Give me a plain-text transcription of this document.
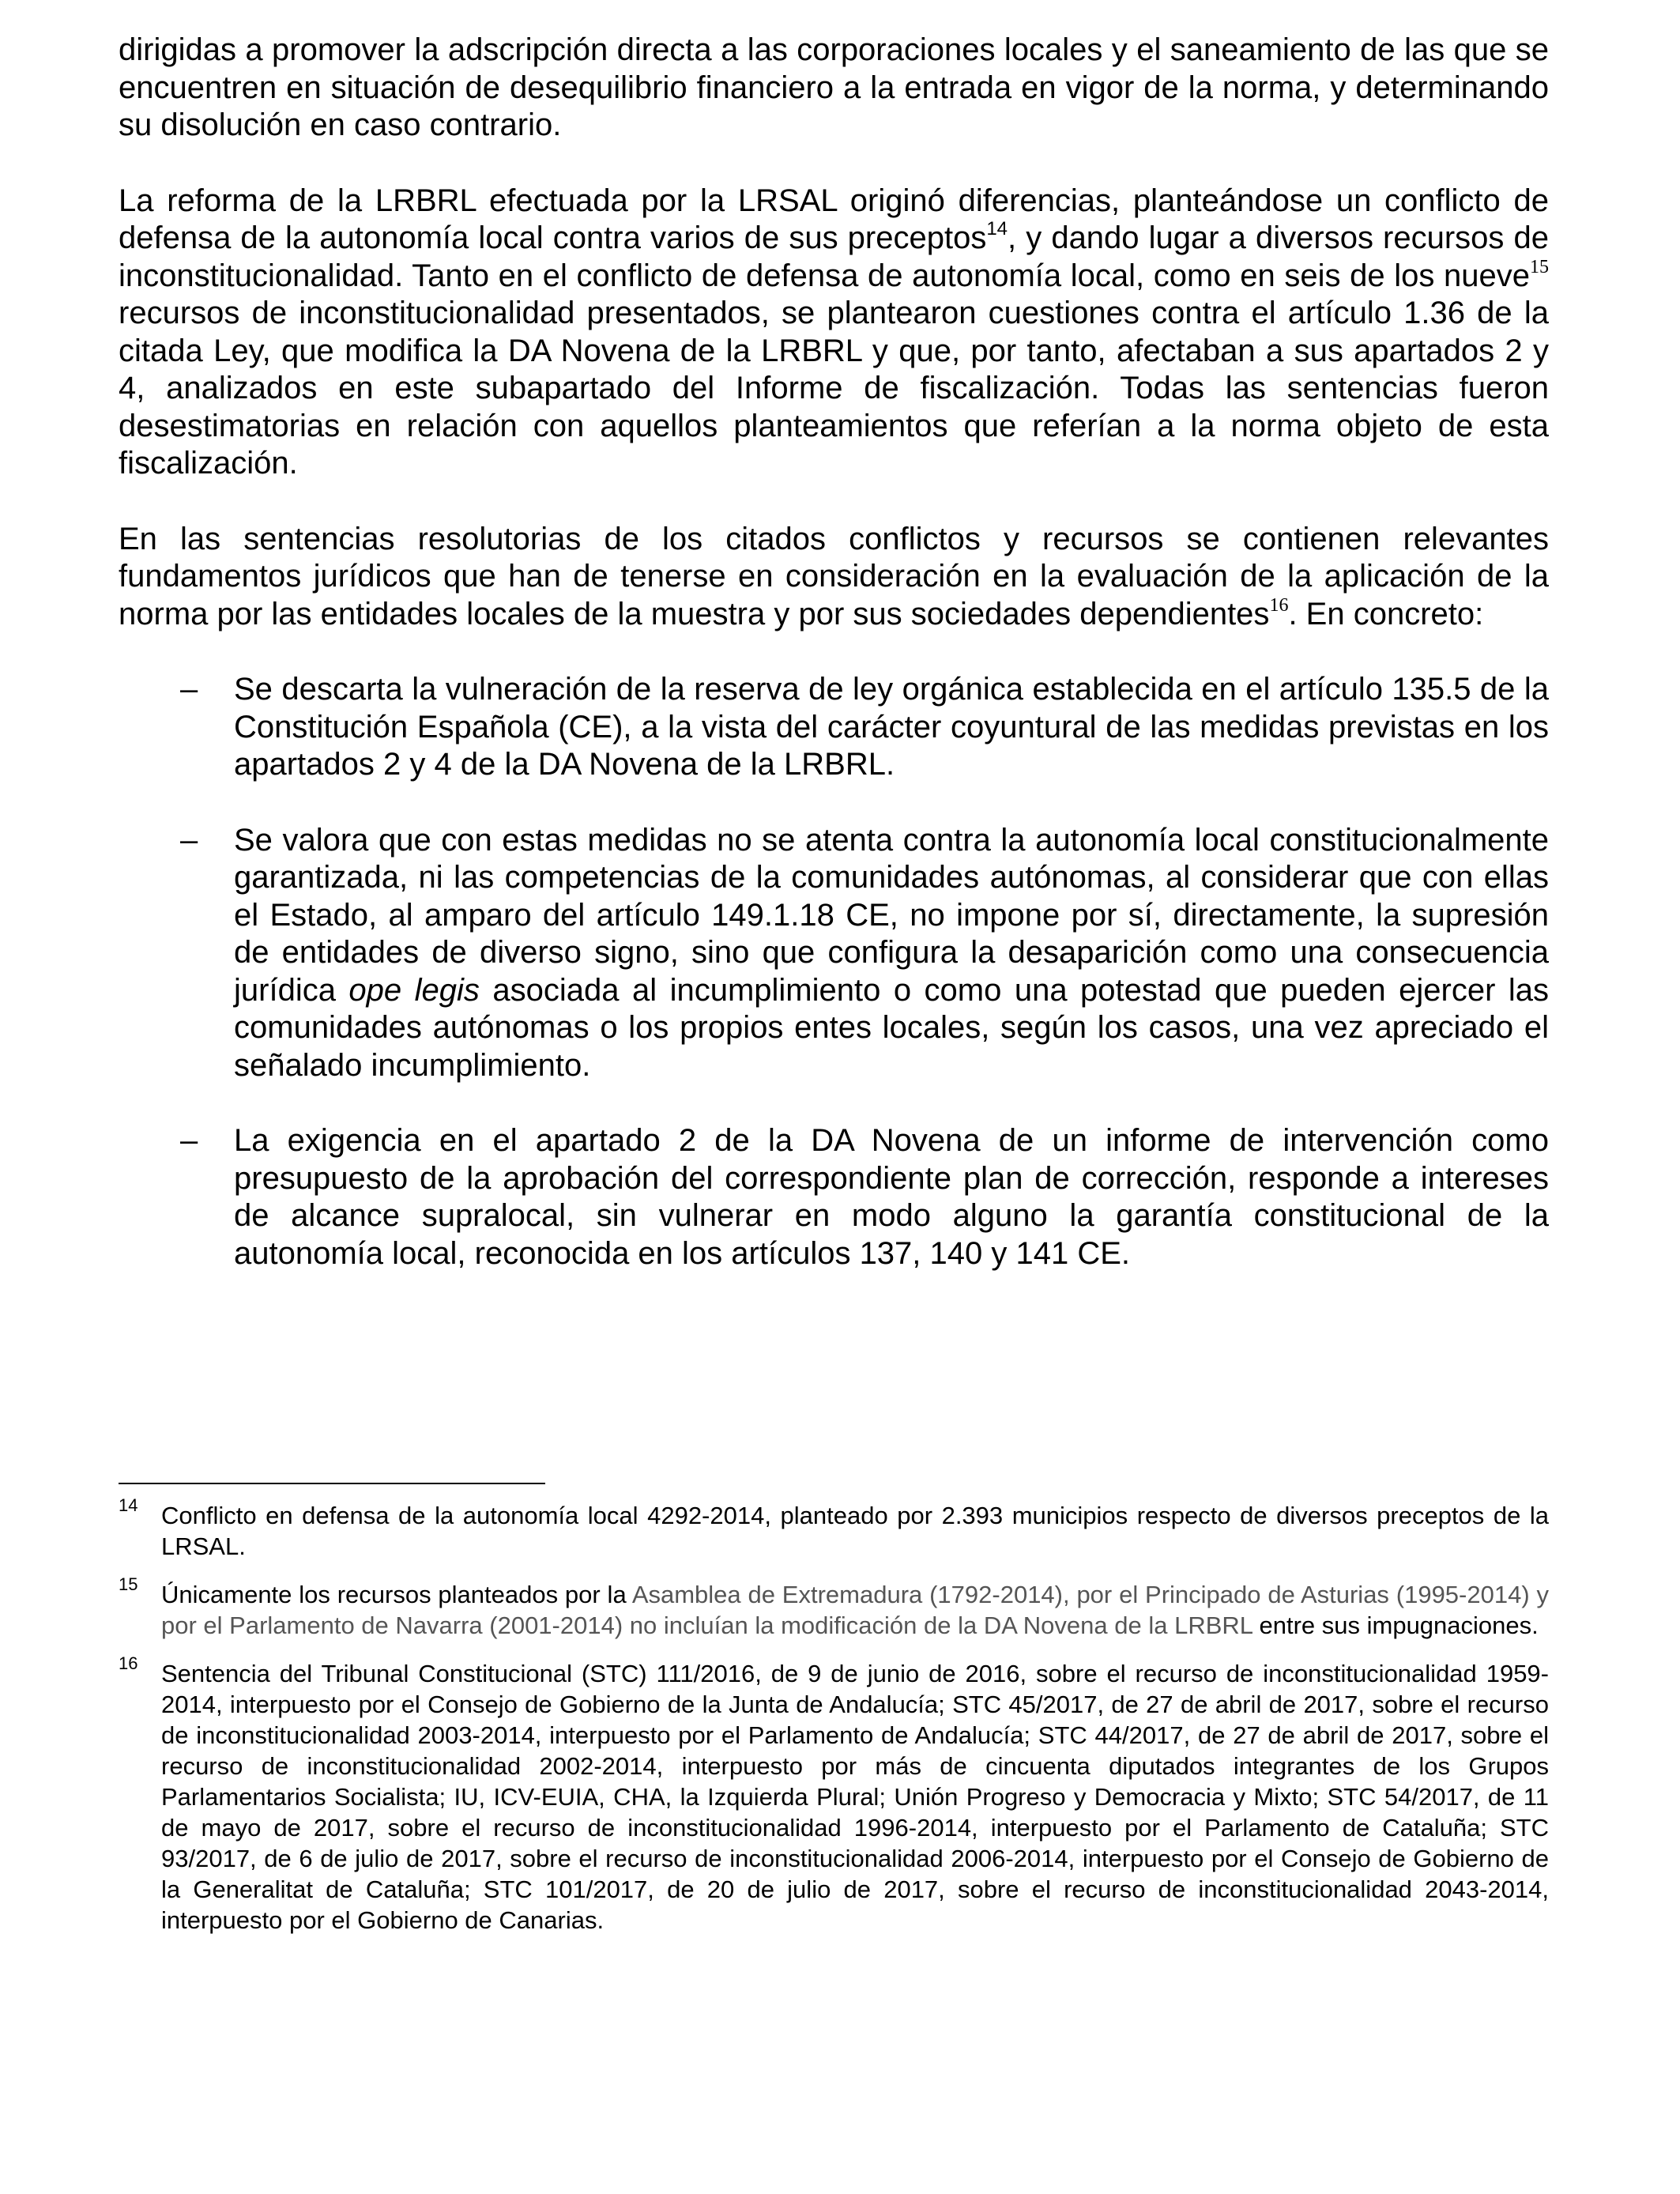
dirigidas a promover la adscripción directa a las corporaciones locales y el saneamiento de las que se encuentren en situación de desequilibrio financiero a la entrada en vigor de la norma, y determinando su disolución en caso contrario.

La reforma de la LRBRL efectuada por la LRSAL originó diferencias, planteándose un conflicto de defensa de la autonomía local contra varios de sus preceptos$^{14}$, y dando lugar a diversos recursos de inconstitucionalidad. Tanto en el conflicto de defensa de autonomía local, como en seis de los nueve$^{15}$ recursos de inconstitucionalidad presentados, se plantearon cuestiones contra el artículo 1.36 de la citada Ley, que modifica la DA Novena de la LRBRL y que, por tanto, afectaban a sus apartados 2 y 4, analizados en este subapartado del Informe de fiscalización. Todas las sentencias fueron desestimatorias en relación con aquellos planteamientos que referían a la norma objeto de esta fiscalización.

En las sentencias resolutorias de los citados conflictos y recursos se contienen relevantes fundamentos jurídicos que han de tenerse en consideración en la evaluación de la aplicación de la norma por las entidades locales de la muestra y por sus sociedades dependientes$^{16}$. En concreto:

– Se descarta la vulneración de la reserva de ley orgánica establecida en el artículo 135.5 de la Constitución Española (CE), a la vista del carácter coyuntural de las medidas previstas en los apartados 2 y 4 de la DA Novena de la LRBRL.

– Se valora que con estas medidas no se atenta contra la autonomía local constitucionalmente garantizada, ni las competencias de la comunidades autónomas, al considerar que con ellas el Estado, al amparo del artículo 149.1.18 CE, no impone por sí, directamente, la supresión de entidades de diverso signo, sino que configura la desaparición como una consecuencia jurídica ope legis asociada al incumplimiento o como una potestad que pueden ejercer las comunidades autónomas o los propios entes locales, según los casos, una vez apreciado el señalado incumplimiento.

– La exigencia en el apartado 2 de la DA Novena de un informe de intervención como presupuesto de la aprobación del correspondiente plan de corrección, responde a intereses de alcance supralocal, sin vulnerar en modo alguno la garantía constitucional de la autonomía local, reconocida en los artículos 137, 140 y 141 CE.

14 Conflicto en defensa de la autonomía local 4292-2014, planteado por 2.393 municipios respecto de diversos preceptos de la LRSAL.

15 Únicamente los recursos planteados por la Asamblea de Extremadura (1792-2014), por el Principado de Asturias (1995-2014) y por el Parlamento de Navarra (2001-2014) no incluían la modificación de la DA Novena de la LRBRL entre sus impugnaciones.

16 Sentencia del Tribunal Constitucional (STC) 111/2016, de 9 de junio de 2016, sobre el recurso de inconstitucionalidad 1959-2014, interpuesto por el Consejo de Gobierno de la Junta de Andalucía; STC 45/2017, de 27 de abril de 2017, sobre el recurso de inconstitucionalidad 2003-2014, interpuesto por el Parlamento de Andalucía; STC 44/2017, de 27 de abril de 2017, sobre el recurso de inconstitucionalidad 2002-2014, interpuesto por más de cincuenta diputados integrantes de los Grupos Parlamentarios Socialista; IU, ICV-EUIA, CHA, la Izquierda Plural; Unión Progreso y Democracia y Mixto; STC 54/2017, de 11 de mayo de 2017, sobre el recurso de inconstitucionalidad 1996-2014, interpuesto por el Parlamento de Cataluña; STC 93/2017, de 6 de julio de 2017, sobre el recurso de inconstitucionalidad 2006-2014, interpuesto por el Consejo de Gobierno de la Generalitat de Cataluña; STC 101/2017, de 20 de julio de 2017, sobre el recurso de inconstitucionalidad 2043-2014, interpuesto por el Gobierno de Canarias.
